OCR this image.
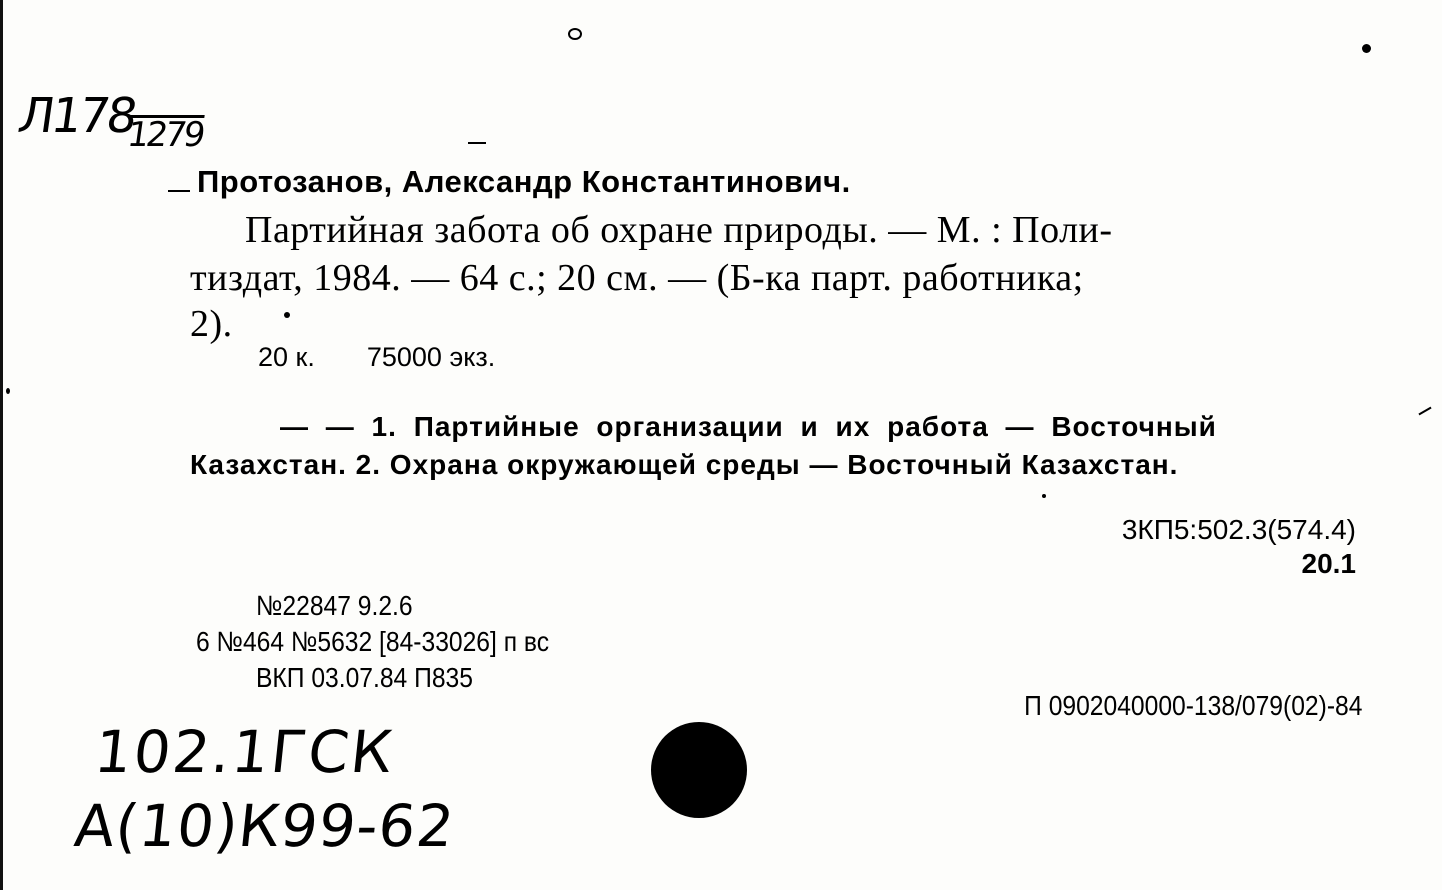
Л1781279
Протозанов, Александр Константинович.
Партийная забота об охране природы. — М. : Поли-
тиздат, 1984. — 64 с.; 20 см. — (Б-ка парт. работника;
2).
20 к. 75000 экз.
— — 1. Партийные организации и их работа — Восточный
Казахстан. 2. Охрана окружающей среды — Восточный Казахстан.
3КП5:502.3(574.4)
20.1
№22847 9.2.6
6 №464 №5632 [84-33026] п вс
ВКП 03.07.84 П835
П 0902040000-138/079(02)-84
102.1ГСК
А(10)К99-62
